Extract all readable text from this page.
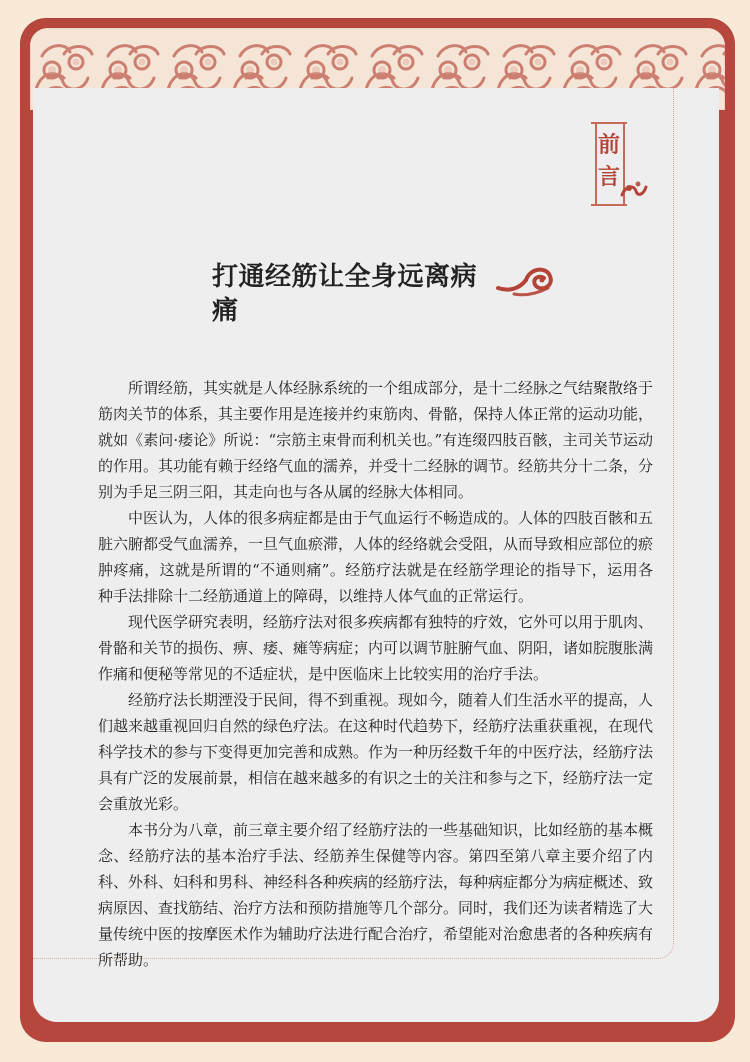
前
言
打通经筋让全身远离病痛

所谓经筋，其实就是人体经脉系统的一个组成部分，是十二经脉之气结聚散络于筋肉关节的体系，其主要作用是连接并约束筋肉、骨骼，保持人体正常的运动功能，就如《素问·痿论》所说：“宗筋主束骨而利机关也。”有连缀四肢百骸，主司关节运动的作用。其功能有赖于经络气血的濡养，并受十二经脉的调节。经筋共分十二条，分别为手足三阴三阳，其走向也与各从属的经脉大体相同。

中医认为，人体的很多病症都是由于气血运行不畅造成的。人体的四肢百骸和五脏六腑都受气血濡养，一旦气血瘀滞，人体的经络就会受阻，从而导致相应部位的瘀肿疼痛，这就是所谓的“不通则痛”。经筋疗法就是在经筋学理论的指导下，运用各种手法排除十二经筋通道上的障碍，以维持人体气血的正常运行。

现代医学研究表明，经筋疗法对很多疾病都有独特的疗效，它外可以用于肌肉、骨骼和关节的损伤、痹、痿、瘫等病症；内可以调节脏腑气血、阴阳，诸如脘腹胀满作痛和便秘等常见的不适症状，是中医临床上比较实用的治疗手法。

经筋疗法长期湮没于民间，得不到重视。现如今，随着人们生活水平的提高，人们越来越重视回归自然的绿色疗法。在这种时代趋势下，经筋疗法重获重视，在现代科学技术的参与下变得更加完善和成熟。作为一种历经数千年的中医疗法，经筋疗法具有广泛的发展前景，相信在越来越多的有识之士的关注和参与之下，经筋疗法一定会重放光彩。

本书分为八章，前三章主要介绍了经筋疗法的一些基础知识，比如经筋的基本概念、经筋疗法的基本治疗手法、经筋养生保健等内容。第四至第八章主要介绍了内科、外科、妇科和男科、神经科各种疾病的经筋疗法，每种病症都分为病症概述、致病原因、查找筋结、治疗方法和预防措施等几个部分。同时，我们还为读者精选了大量传统中医的按摩医术作为辅助疗法进行配合治疗，希望能对治愈患者的各种疾病有所帮助。
